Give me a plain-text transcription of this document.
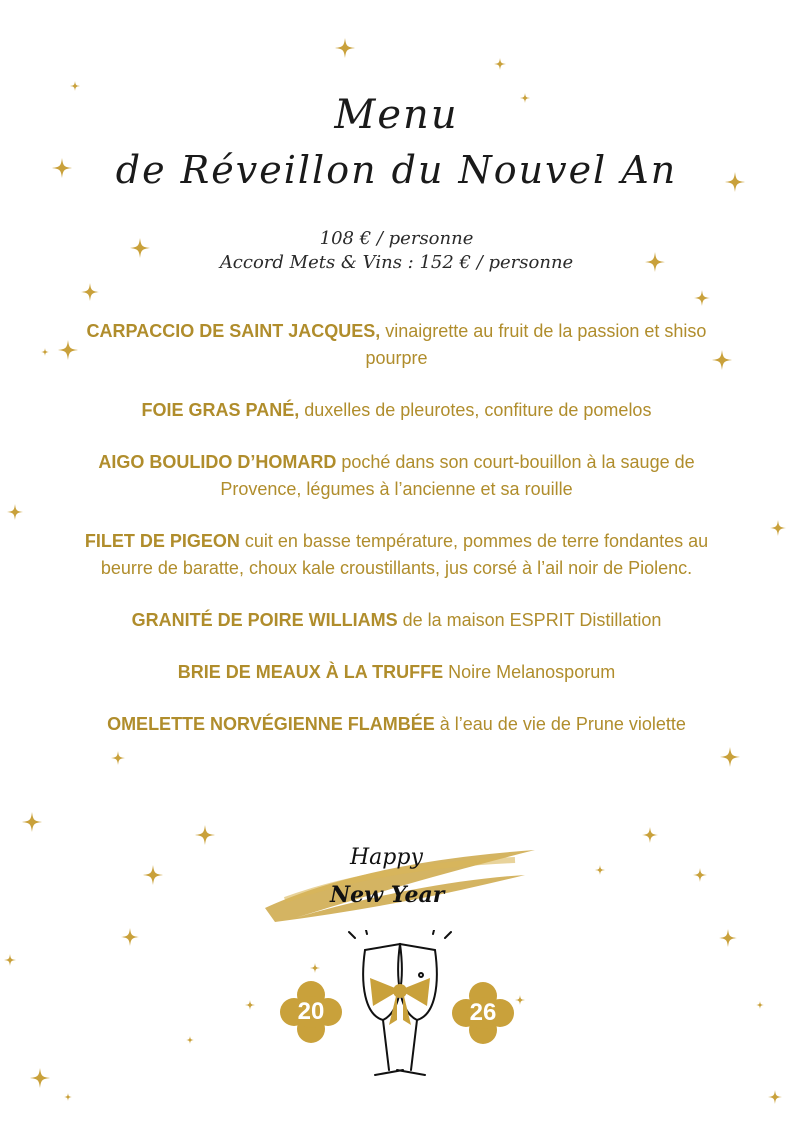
Menu
de Réveillon du Nouvel An
108 € / personne
Accord Mets & Vins : 152 € / personne

CARPACCIO DE SAINT JACQUES, vinaigrette au fruit de la passion et shiso pourpre

FOIE GRAS PANÉ, duxelles de pleurotes, confiture de pomelos

AIGO BOULIDO D’HOMARD poché dans son court-bouillon à la sauge de Provence, légumes à l’ancienne et sa rouille

FILET DE PIGEON cuit en basse température, pommes de terre fondantes au beurre de baratte, choux kale croustillants, jus corsé à l’ail noir de Piolenc.

GRANITÉ DE POIRE WILLIAMS de la maison ESPRIT Distillation

BRIE DE MEAUX À LA TRUFFE Noire Melanosporum

OMELETTE NORVÉGIENNE FLAMBÉE à l’eau de vie de Prune violette

Happy
New Year
20	26
